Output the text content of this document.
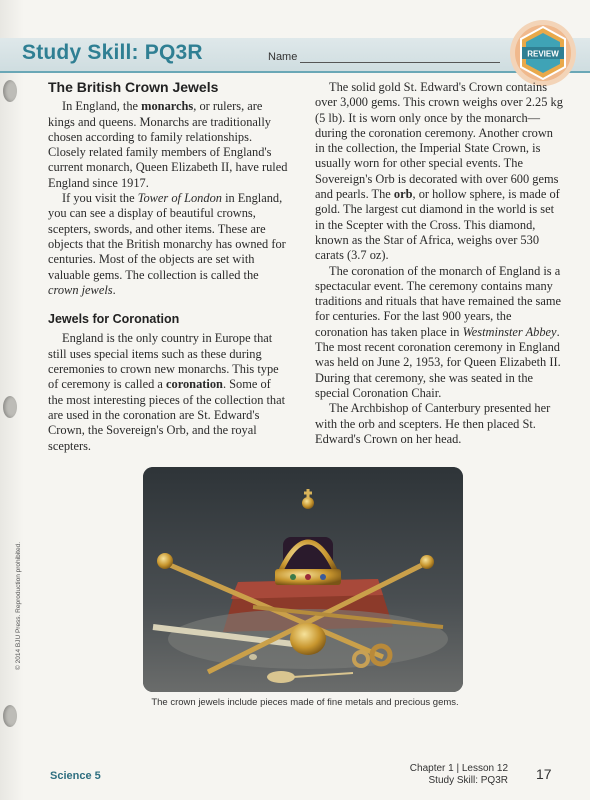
Study Skill: PQ3R	Name	REVIEW
The British Crown Jewels

In England, the monarchs, or rulers, are kings and queens. Monarchs are traditionally chosen according to family relationships. Closely related family members of England's current monarch, Queen Elizabeth II, have ruled England since 1917.

If you visit the Tower of London in England, you can see a display of beautiful crowns, scepters, swords, and other items. These are objects that the British monarchy has owned for centuries. Most of the objects are set with valuable gems. The collection is called the crown jewels.

Jewels for Coronation

England is the only country in Europe that still uses special items such as these during ceremonies to crown new monarchs. This type of ceremony is called a coronation. Some of the most interesting pieces of the collection that are used in the coronation are St. Edward's Crown, the Sovereign's Orb, and the royal scepters.

The solid gold St. Edward's Crown contains over 3,000 gems. This crown weighs over 2.25 kg (5 lb). It is worn only once by the monarch—during the coronation ceremony. Another crown in the collection, the Imperial State Crown, is usually worn for other special events. The Sovereign's Orb is decorated with over 600 gems and pearls. The orb, or hollow sphere, is made of gold. The largest cut diamond in the world is set in the Scepter with the Cross. This diamond, known as the Star of Africa, weighs over 530 carats (3.7 oz).

The coronation of the monarch of England is a spectacular event. The ceremony contains many traditions and rituals that have remained the same for centuries. For the last 900 years, the coronation has taken place in Westminster Abbey. The most recent coronation ceremony in England was held on June 2, 1953, for Queen Elizabeth II. During that ceremony, she was seated in the special Coronation Chair.

The Archbishop of Canterbury presented her with the orb and scepters. He then placed St. Edward's Crown on her head.

The crown jewels include pieces made of fine metals and precious gems.
© 2014 BJU Press. Reproduction prohibited.
Science 5
Chapter 1 | Lesson 12
Study Skill: PQ3R 17
